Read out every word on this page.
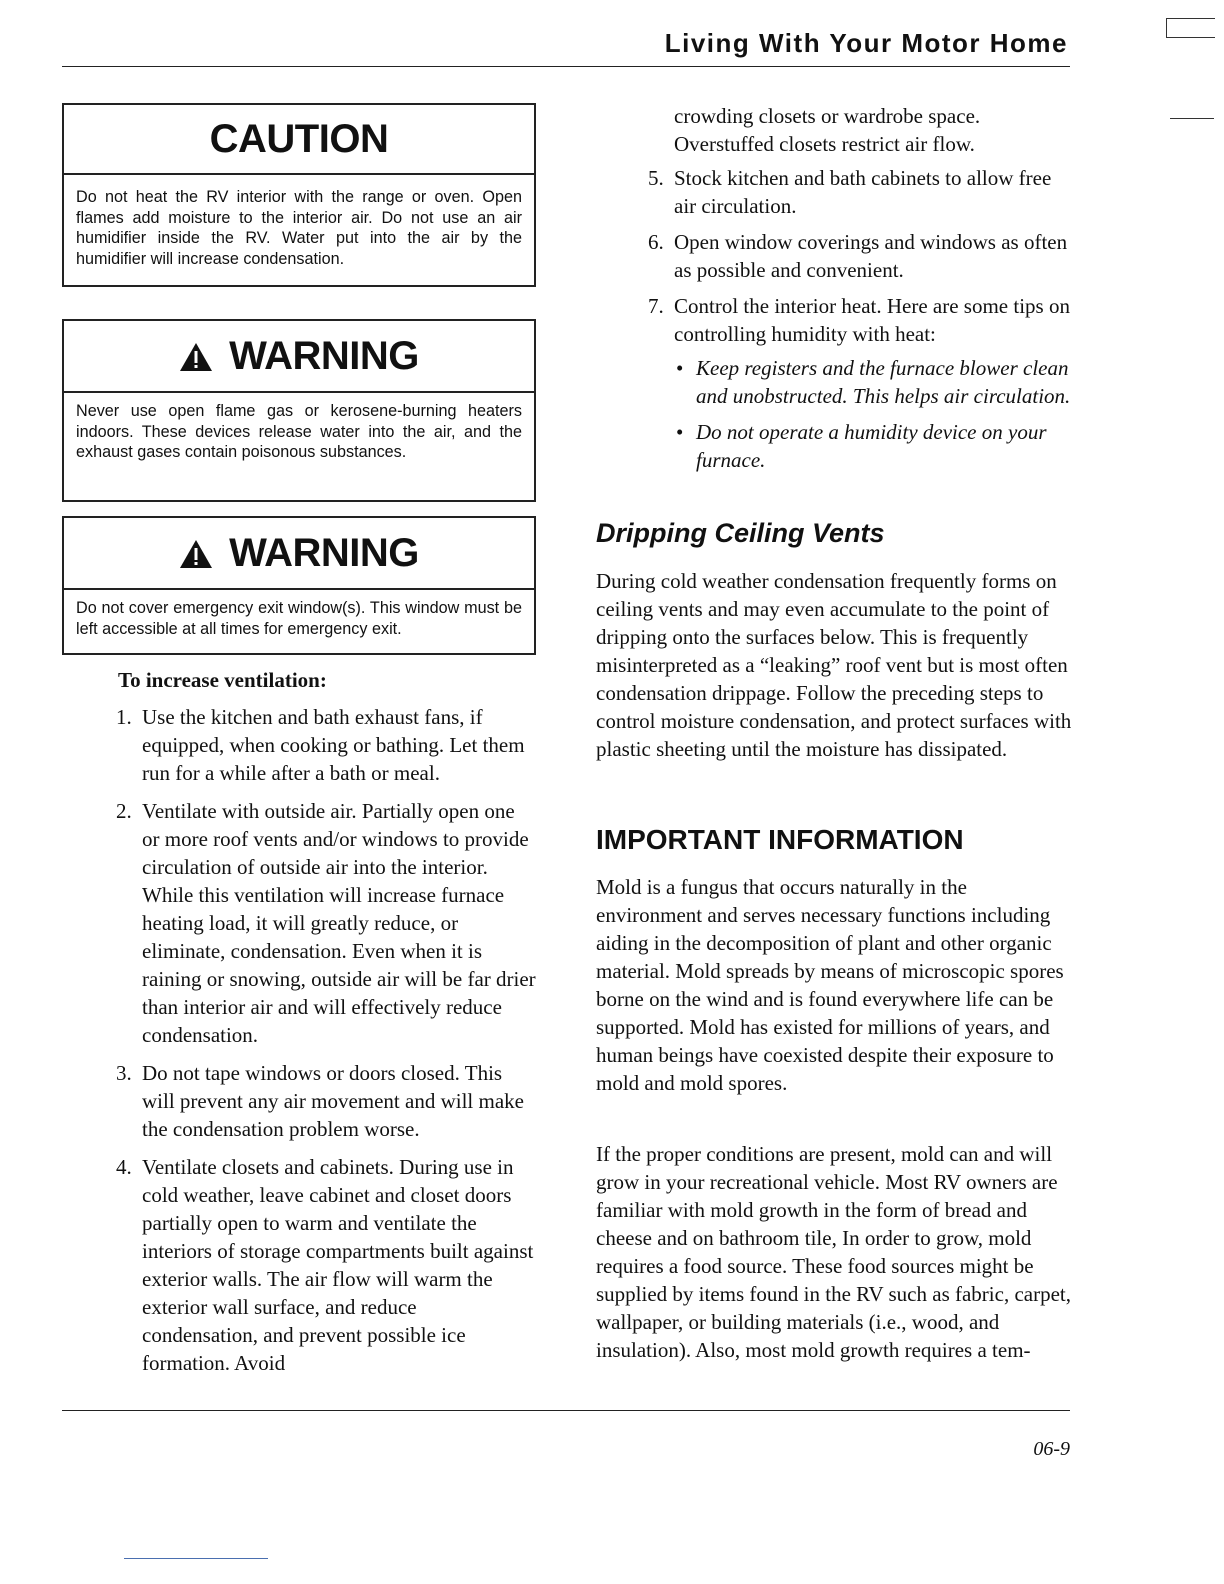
Living With Your Motor Home
CAUTION
Do not heat the RV interior with the range or oven. Open flames add moisture to the interior air. Do not use an air humidifier inside the RV. Water put into the air by the humidifier will increase condensation.
WARNING
Never use open flame gas or kerosene-burning heaters indoors. These devices release water into the air, and the exhaust gases contain poisonous substances.
WARNING
Do not cover emergency exit window(s). This window must be left accessible at all times for emergency exit.
To increase ventilation:
1. Use the kitchen and bath exhaust fans, if equipped, when cooking or bathing. Let them run for a while after a bath or meal.
2. Ventilate with outside air. Partially open one or more roof vents and/or windows to provide circulation of outside air into the interior. While this ventilation will increase furnace heating load, it will greatly reduce, or eliminate, condensation. Even when it is raining or snowing, outside air will be far drier than interior air and will effectively reduce condensation.
3. Do not tape windows or doors closed. This will prevent any air movement and will make the condensation problem worse.
4. Ventilate closets and cabinets. During use in cold weather, leave cabinet and closet doors partially open to warm and ventilate the interiors of storage compartments built against exterior walls. The air flow will warm the exterior wall surface, and reduce condensation, and prevent possible ice formation. Avoid

crowding closets or wardrobe space. Overstuffed closets restrict air flow.

5. Stock kitchen and bath cabinets to allow free air circulation.
6. Open window coverings and windows as often as possible and convenient.
7. Control the interior heat. Here are some tips on controlling humidity with heat:
• Keep registers and the furnace blower clean and unobstructed. This helps air circulation.
• Do not operate a humidity device on your furnace.
Dripping Ceiling Vents

During cold weather condensation frequently forms on ceiling vents and may even accumulate to the point of dripping onto the surfaces below. This is frequently misinterpreted as a “leaking” roof vent but is most often condensation drippage. Follow the preceding steps to control moisture condensation, and protect surfaces with plastic sheeting until the moisture has dissipated.

IMPORTANT INFORMATION

Mold is a fungus that occurs naturally in the environment and serves necessary functions including aiding in the decomposition of plant and other organic material. Mold spreads by means of microscopic spores borne on the wind and is found everywhere life can be supported. Mold has existed for millions of years, and human beings have coexisted despite their exposure to mold and mold spores.

If the proper conditions are present, mold can and will grow in your recreational vehicle. Most RV owners are familiar with mold growth in the form of bread and cheese and on bathroom tile, In order to grow, mold requires a food source. These food sources might be supplied by items found in the RV such as fabric, carpet, wallpaper, or building materials (i.e., wood, and insulation). Also, most mold growth requires a tem-

06-9
